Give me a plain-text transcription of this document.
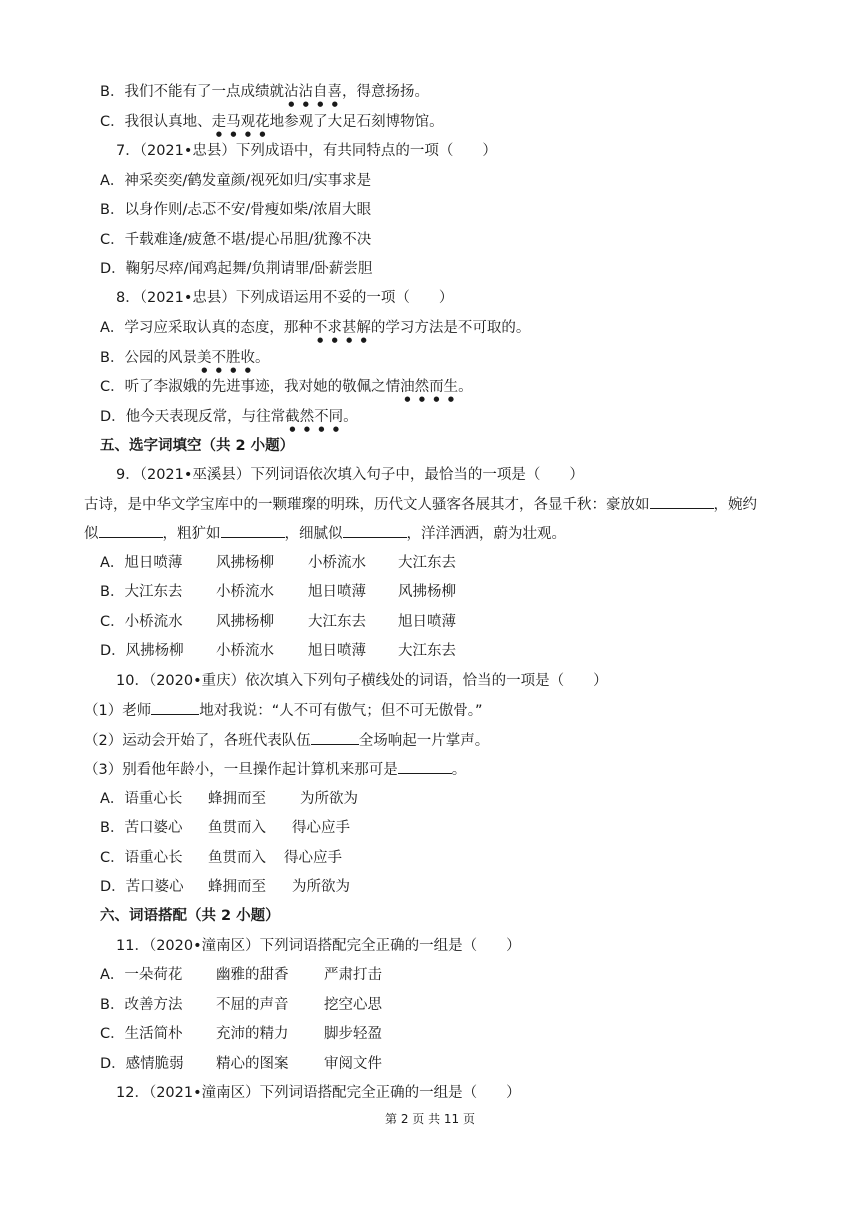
B．我们不能有了一点成绩就沾沾自喜，得意扬扬。
C．我很认真地、走马观花地参观了大足石刻博物馆。
7．（2021•忠县）下列成语中，有共同特点的一项（　　）
A．神采奕奕/鹤发童颜/视死如归/实事求是
B．以身作则/忐忑不安/骨瘦如柴/浓眉大眼
C．千载难逢/疲惫不堪/提心吊胆/犹豫不决
D．鞠躬尽瘁/闻鸡起舞/负荆请罪/卧薪尝胆
8．（2021•忠县）下列成语运用不妥的一项（　　）
A．学习应采取认真的态度，那种不求甚解的学习方法是不可取的。
B．公园的风景美不胜收。
C．听了李淑娥的先进事迹，我对她的敬佩之情油然而生。
D．他今天表现反常，与往常截然不同。
五、选字词填空（共 2 小题）
9．（2021•巫溪县）下列词语依次填入句子中，最恰当的一项是（　　）
古诗，是中华文学宝库中的一颗璀璨的明珠，历代文人骚客各展其才，各显千秋：豪放如	，婉约
似	，粗犷如	，细腻似	，洋洋洒洒，蔚为壮观。
A．旭日喷薄 风拂杨柳 小桥流水 大江东去
B．大江东去 小桥流水 旭日喷薄 风拂杨柳
C．小桥流水 风拂杨柳 大江东去 旭日喷薄
D．风拂杨柳 小桥流水 旭日喷薄 大江东去
10．（2020•重庆）依次填入下列句子横线处的词语，恰当的一项是（　　）
（1）老师	地对我说：“人不可有傲气；但不可无傲骨。”
（2）运动会开始了，各班代表队伍	全场响起一片掌声。
（3）别看他年龄小，一旦操作起计算机来那可是	。
A．语重心长 蜂拥而至 为所欲为
B．苦口婆心 鱼贯而入 得心应手
C．语重心长 鱼贯而入 得心应手
D．苦口婆心 蜂拥而至 为所欲为
六、词语搭配（共 2 小题）
11．（2020•潼南区）下列词语搭配完全正确的一组是（　　）
A．一朵荷花 幽雅的甜香 严肃打击
B．改善方法 不屈的声音 挖空心思
C．生活简朴 充沛的精力 脚步轻盈
D．感情脆弱 精心的图案 审阅文件
12．（2021•潼南区）下列词语搭配完全正确的一组是（　　）
第 2 页 共 11 页
